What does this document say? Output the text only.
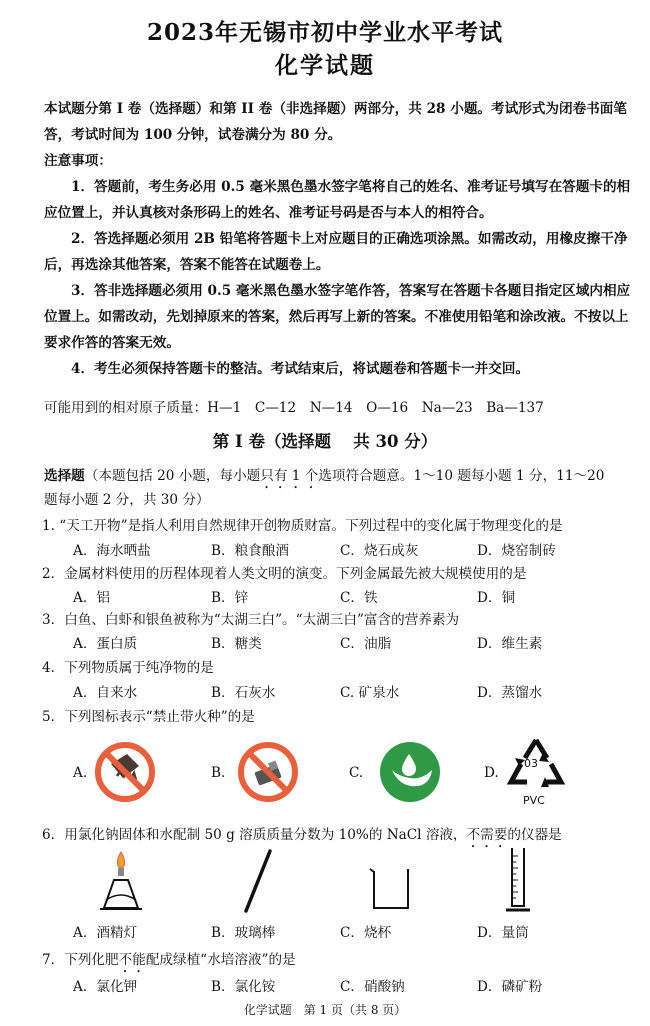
2023年无锡市初中学业水平考试
化学试题
本试题分第 I 卷（选择题）和第 II 卷（非选择题）两部分，共 28 小题。考试形式为闭卷书面笔答，考试时间为 100 分钟，试卷满分为 80 分。
注意事项：
1．答题前，考生务必用 0.5 毫米黑色墨水签字笔将自己的姓名、准考证号填写在答题卡的相应位置上，并认真核对条形码上的姓名、准考证号码是否与本人的相符合。
2．答选择题必须用 2B 铅笔将答题卡上对应题目的正确选项涂黑。如需改动，用橡皮擦干净后，再选涂其他答案，答案不能答在试题卷上。
3．答非选择题必须用 0.5 毫米黑色墨水签字笔作答，答案写在答题卡各题目指定区域内相应位置上。如需改动，先划掉原来的答案，然后再写上新的答案。不准使用铅笔和涂改液。不按以上要求作答的答案无效。
4．考生必须保持答题卡的整洁。考试结束后，将试题卷和答题卡一并交回。
可能用到的相对原子质量：H—1　C—12　N—14　O—16　Na—23　Ba—137
第 I 卷（选择题　 共 30 分）
选择题（本题包括 20 小题，每小题只有 1 个选项符合题意。1～10 题每小题 1 分，11～20
题每小题 2 分，共 30 分）
1. “天工开物”是指人利用自然规律开创物质财富。下列过程中的变化属于物理变化的是
A．海水晒盐	B．粮食酿酒	C．烧石成灰	D．烧窑制砖
2．金属材料使用的历程体现着人类文明的演变。下列金属最先被大规模使用的是
A．铝	B．锌	C．铁	D．铜
3．白鱼、白虾和银鱼被称为“太湖三白”。“太湖三白”富含的营养素为
A．蛋白质	B．糖类	C．油脂	D．维生素
4．下列物质属于纯净物的是
A．自来水	B．石灰水	C. 矿泉水	D．蒸馏水
5．下列图标表示“禁止带火种”的是
A.	B.	C.	D.
03
PVC
6．用氯化钠固体和水配制 50 g 溶质质量分数为 10%的 NaCl 溶液，不需要的仪器是
A．酒精灯	B．玻璃棒	C．烧杯	D．量筒
7．下列化肥不能配成绿植“水培溶液”的是
A．氯化钾	B．氯化铵	C．硝酸钠	D．磷矿粉
化学试题　第 1 页（共 8 页）
